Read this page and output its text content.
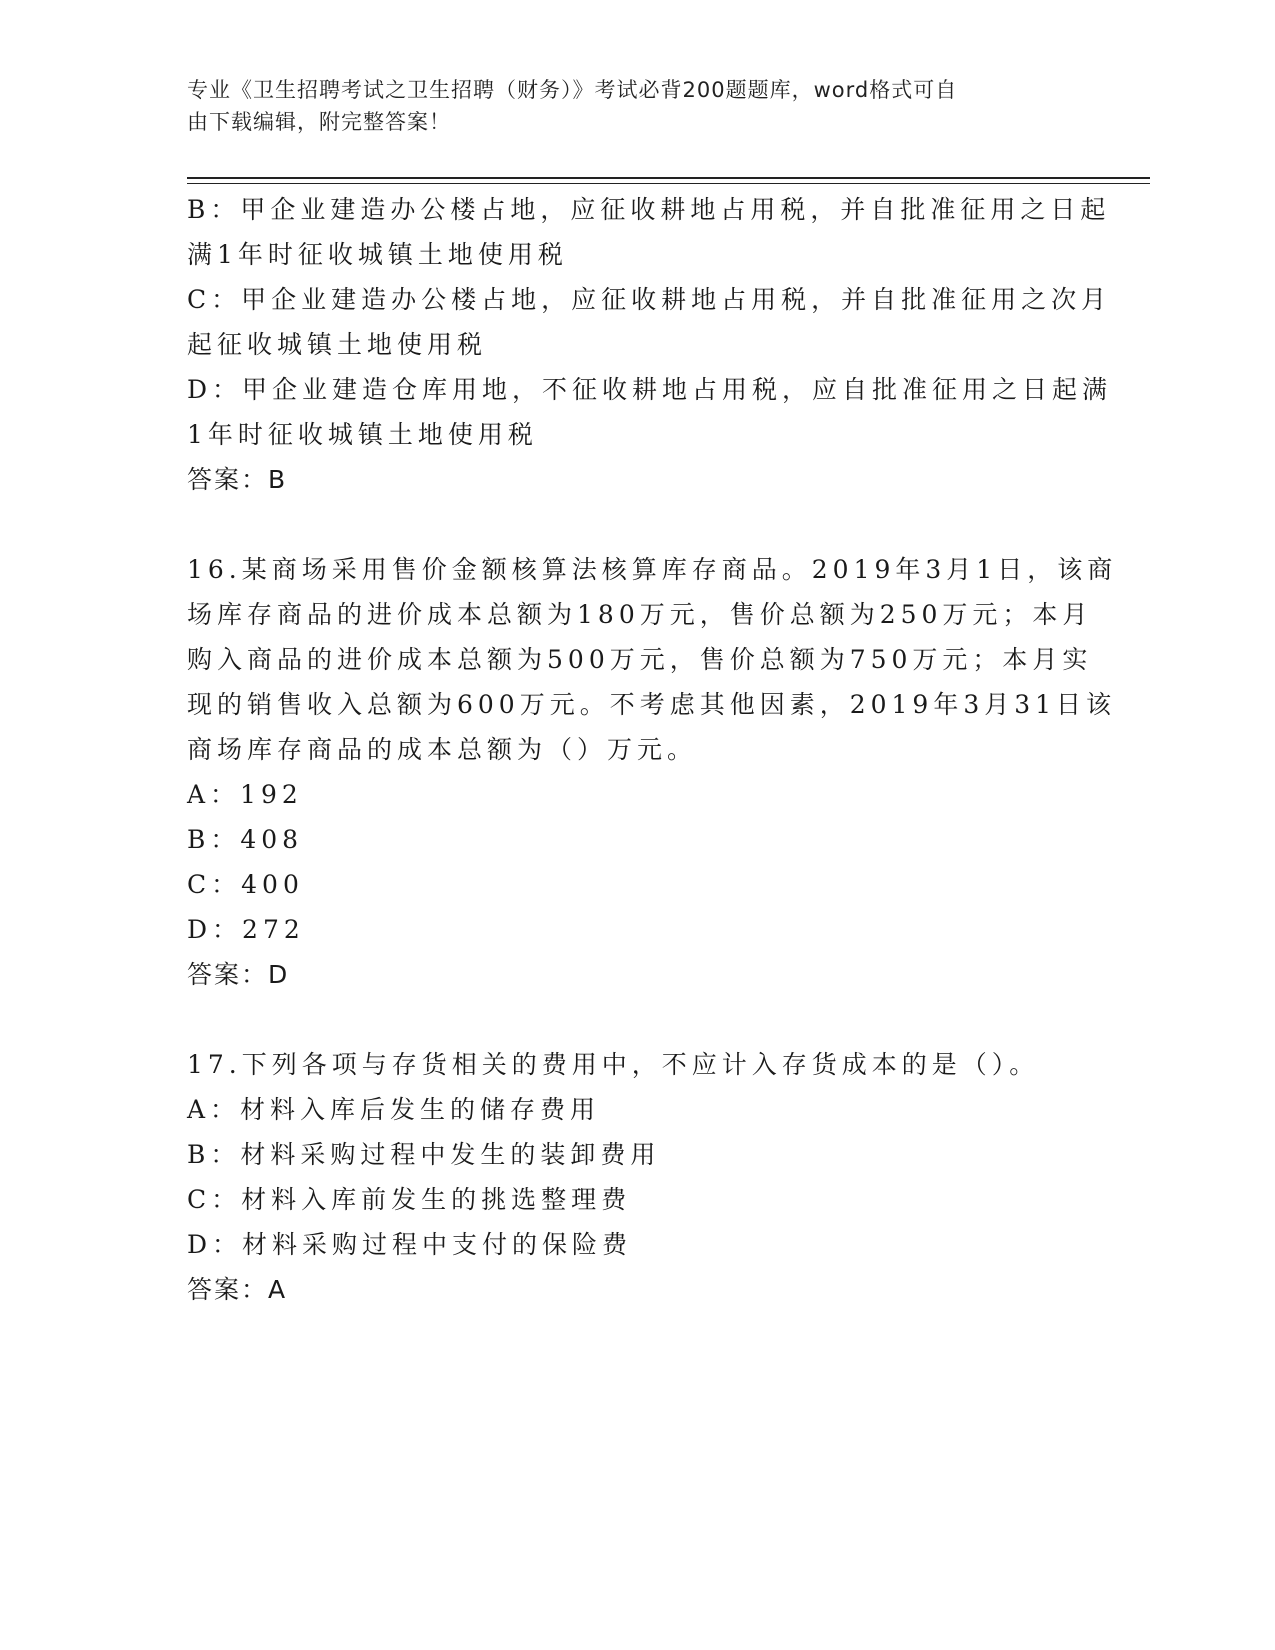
专业《卫生招聘考试之卫生招聘（财务）》考试必背200题题库，word格式可自
由下载编辑，附完整答案！
B：甲企业建造办公楼占地，应征收耕地占用税，并自批准征用之日起
满1年时征收城镇土地使用税
C：甲企业建造办公楼占地，应征收耕地占用税，并自批准征用之次月
起征收城镇土地使用税
D：甲企业建造仓库用地，不征收耕地占用税，应自批准征用之日起满
1年时征收城镇土地使用税
答案：B
16.某商场采用售价金额核算法核算库存商品。2019年3月1日，该商
场库存商品的进价成本总额为180万元，售价总额为250万元；本月
购入商品的进价成本总额为500万元，售价总额为750万元；本月实
现的销售收入总额为600万元。不考虑其他因素，2019年3月31日该
商场库存商品的成本总额为（）万元。
A：192
B：408
C：400
D：272
答案：D
17.下列各项与存货相关的费用中，不应计入存货成本的是（）。
A：材料入库后发生的储存费用
B：材料采购过程中发生的装卸费用
C：材料入库前发生的挑选整理费
D：材料采购过程中支付的保险费
答案：A
